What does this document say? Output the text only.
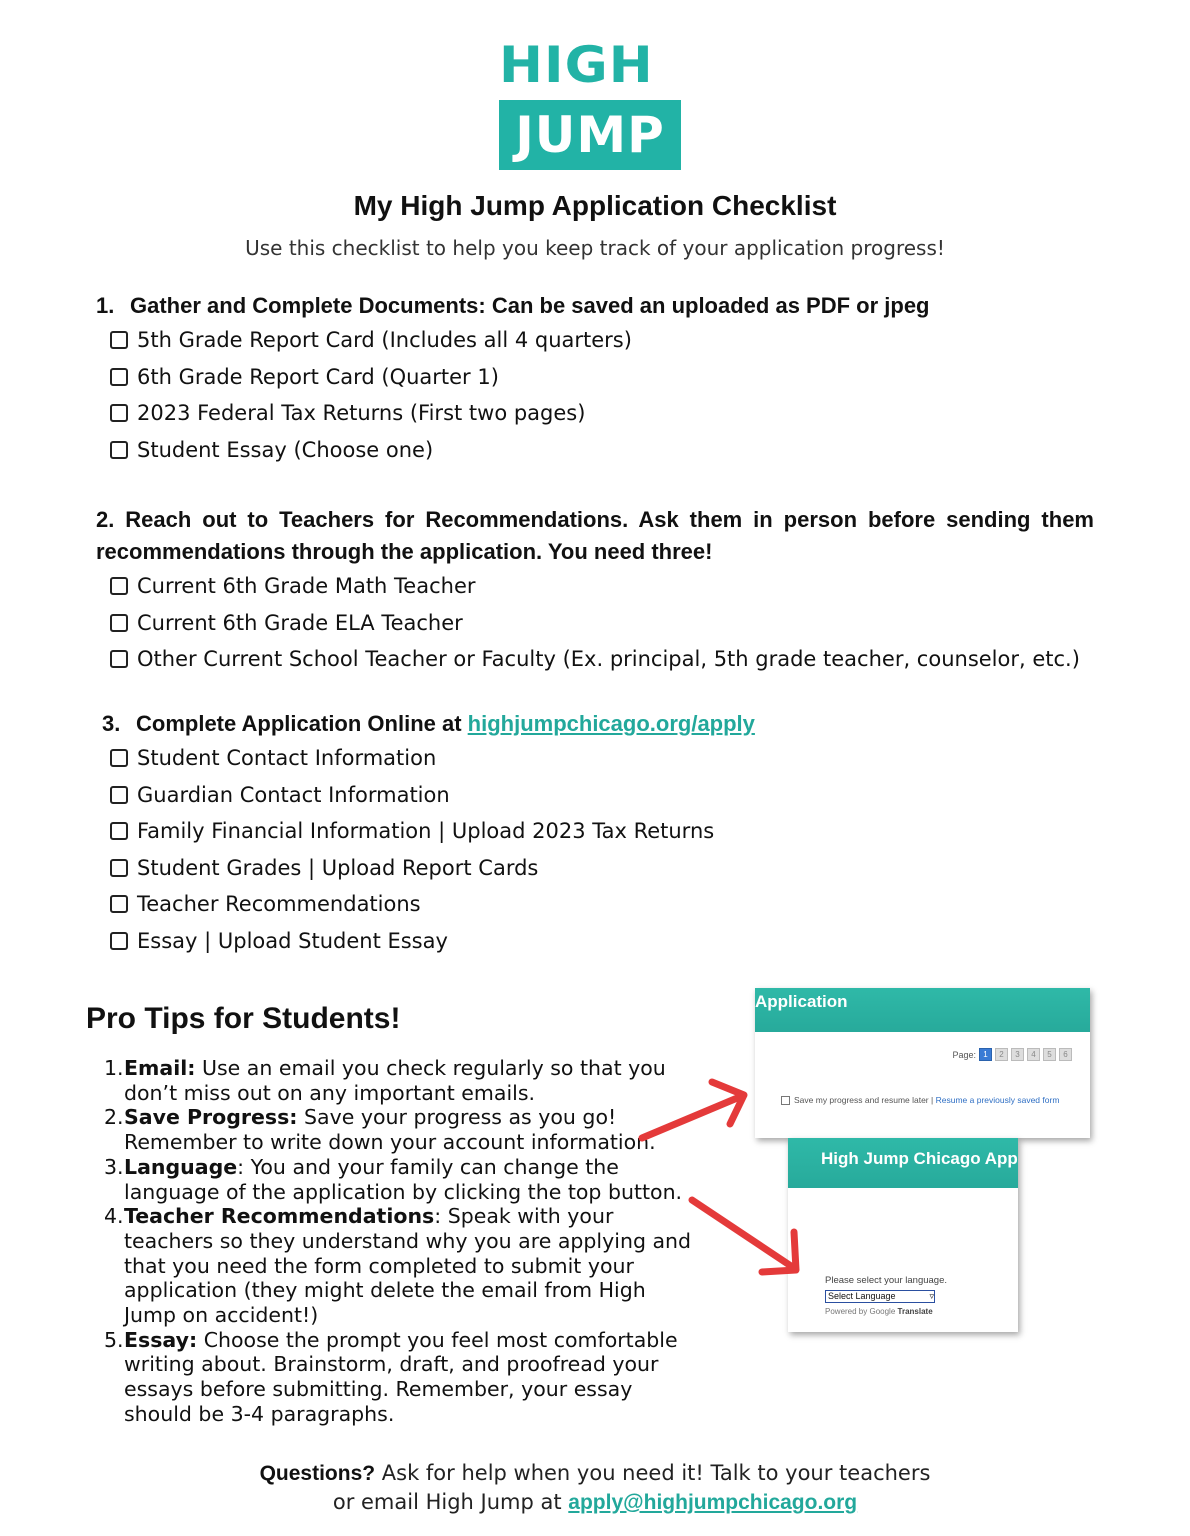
HIGH
JUMP
My High Jump Application Checklist
Use this checklist to help you keep track of your application progress!
1. Gather and Complete Documents: Can be saved an uploaded as PDF or jpeg
5th Grade Report Card (Includes all 4 quarters)
6th Grade Report Card (Quarter 1)
2023 Federal Tax Returns (First two pages)
Student Essay (Choose one)
2. Reach out to Teachers for Recommendations. Ask them in person before sending them recommendations through the application. You need three!
Current 6th Grade Math Teacher
Current 6th Grade ELA Teacher
Other Current School Teacher or Faculty (Ex. principal, 5th grade teacher, counselor, etc.)
3. Complete Application Online at highjumpchicago.org/apply
Student Contact Information
Guardian Contact Information
Family Financial Information | Upload 2023 Tax Returns
Student Grades | Upload Report Cards
Teacher Recommendations
Essay | Upload Student Essay
Pro Tips for Students!
1. Email: Use an email you check regularly so that you don’t miss out on any important emails.
2. Save Progress: Save your progress as you go! Remember to write down your account information.
3. Language: You and your family can change the language of the application by clicking the top button.
4. Teacher Recommendations: Speak with your teachers so they understand why you are applying and that you need the form completed to submit your application (they might delete the email from High Jump on accident!)
5. Essay: Choose the prompt you feel most comfortable writing about. Brainstorm, draft, and proofread your essays before submitting. Remember, your essay should be 3-4 paragraphs.
Application
Page: 1	2	3	4	5	6
Save my progress and resume later
|
Resume a previously saved form
High Jump Chicago App
Please select your language.
Select Language	▿
Powered by Google Translate
Questions? Ask for help when you need it! Talk to your teachers
or email High Jump at apply@highjumpchicago.org
